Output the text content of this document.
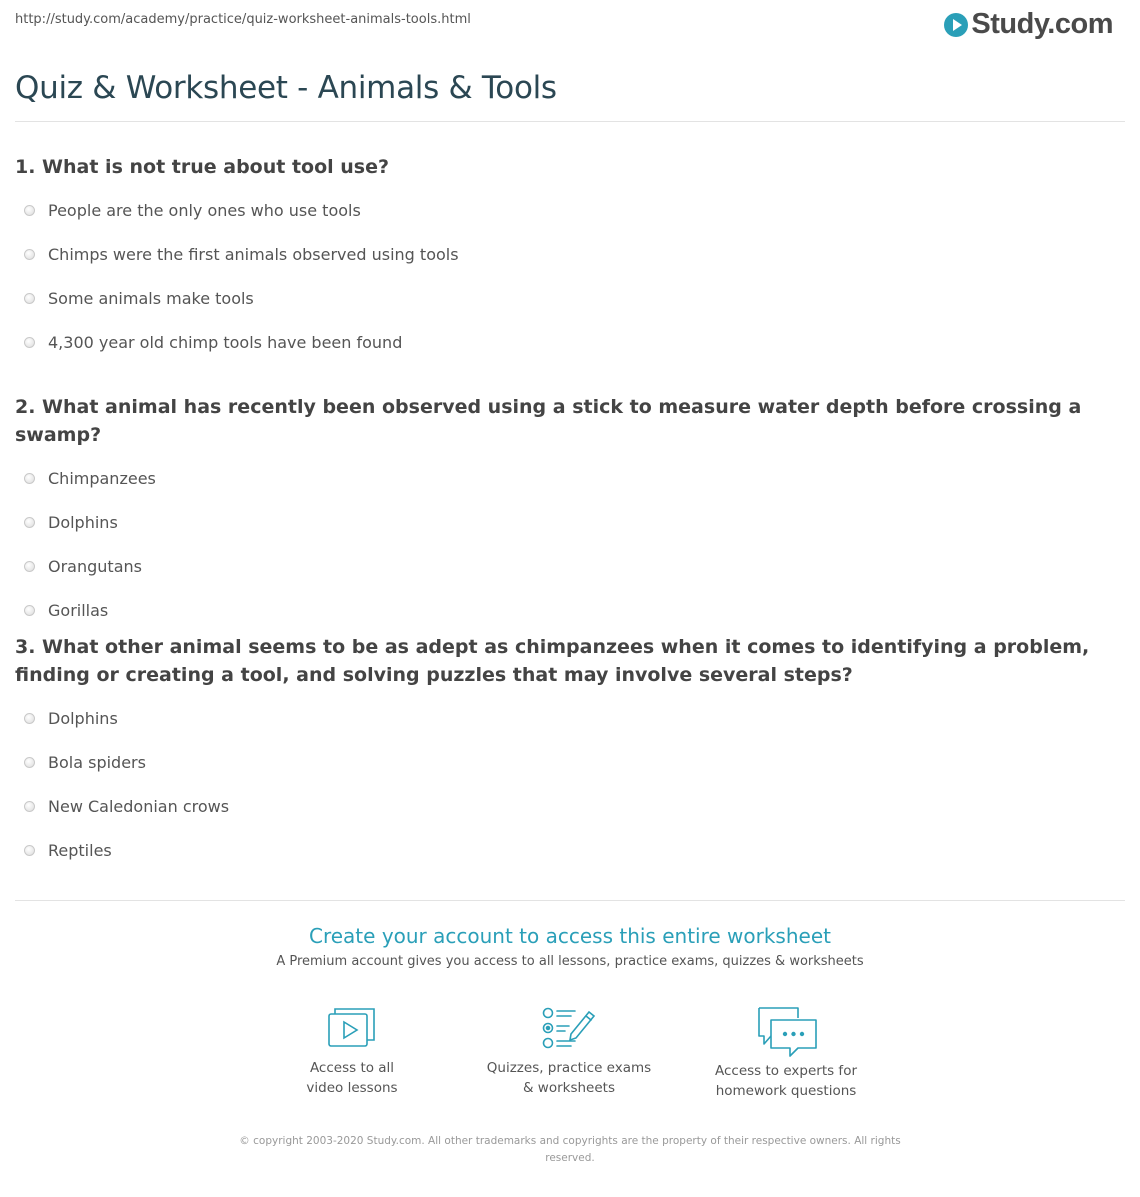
http://study.com/academy/practice/quiz-worksheet-animals-tools.html	Study.com
Quiz & Worksheet - Animals & Tools
1. What is not true about tool use?
People are the only ones who use tools
Chimps were the first animals observed using tools
Some animals make tools
4,300 year old chimp tools have been found
2. What animal has recently been observed using a stick to measure water depth before crossing a swamp?
Chimpanzees
Dolphins
Orangutans
Gorillas
3. What other animal seems to be as adept as chimpanzees when it comes to identifying a problem, finding or creating a tool, and solving puzzles that may involve several steps?
Dolphins
Bola spiders
New Caledonian crows
Reptiles
Create your account to access this entire worksheet
A Premium account gives you access to all lessons, practice exams, quizzes & worksheets
Access to all
video lessons
Quizzes, practice exams
& worksheets
Access to experts for
homework questions
© copyright 2003-2020 Study.com. All other trademarks and copyrights are the property of their respective owners. All rights
reserved.
